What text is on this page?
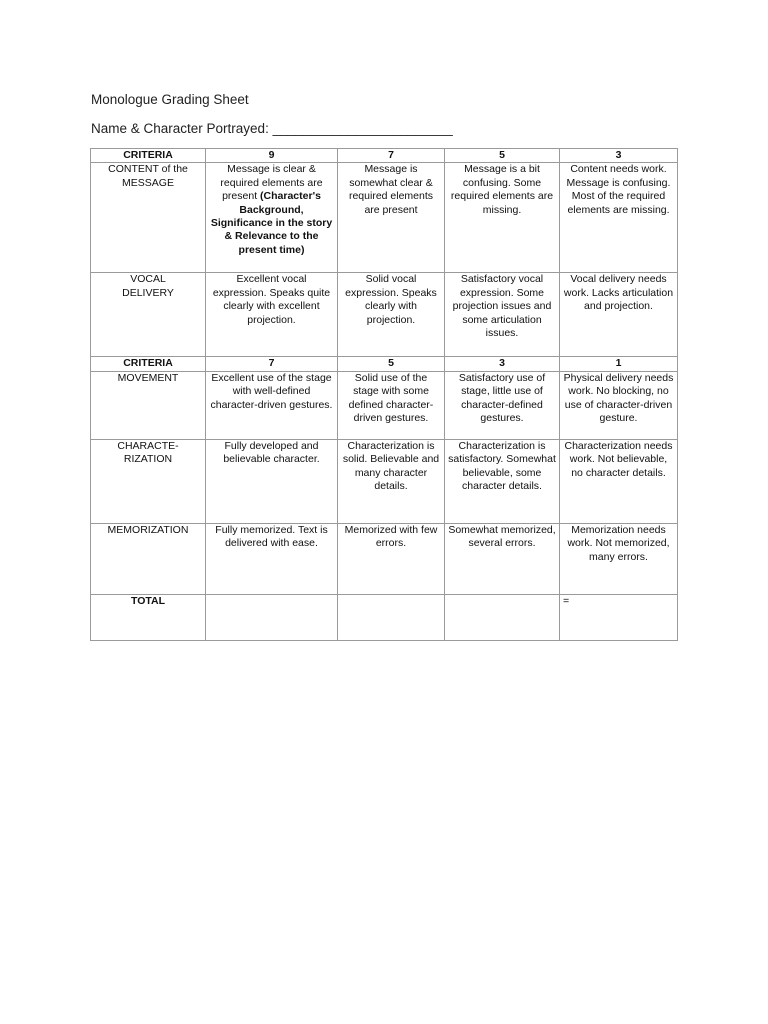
Monologue Grading Sheet
Name & Character Portrayed: ________________________
CRITERIA	9	7	5	3

CONTENT of the
MESSAGE	Message is clear & required elements are present (Character's Background, Significance in the story & Relevance to the present time)	Message is somewhat clear & required elements are present	Message is a bit confusing. Some required elements are missing.	Content needs work. Message is confusing. Most of the required elements are missing.

VOCAL
DELIVERY	Excellent vocal expression. Speaks quite clearly with excellent projection.	Solid vocal expression. Speaks clearly with projection.	Satisfactory vocal expression. Some projection issues and some articulation issues.	Vocal delivery needs work. Lacks articulation and projection.
CRITERIA	7	5	3	1

MOVEMENT	Excellent use of the stage with well-defined character-driven gestures.	Solid use of the stage with some defined character-driven gestures.	Satisfactory use of stage, little use of character-defined gestures.	Physical delivery needs work. No blocking, no use of character-driven gesture.

CHARACTE-
RIZATION	Fully developed and believable character.	Characterization is solid. Believable and many character details.	Characterization is satisfactory. Somewhat believable, some character details.	Characterization needs work. Not believable, no character details.

MEMORIZATION	Fully memorized. Text is delivered with ease.	Memorized with few errors.	Somewhat memorized, several errors.	Memorization needs work. Not memorized, many errors.
TOTAL				=
